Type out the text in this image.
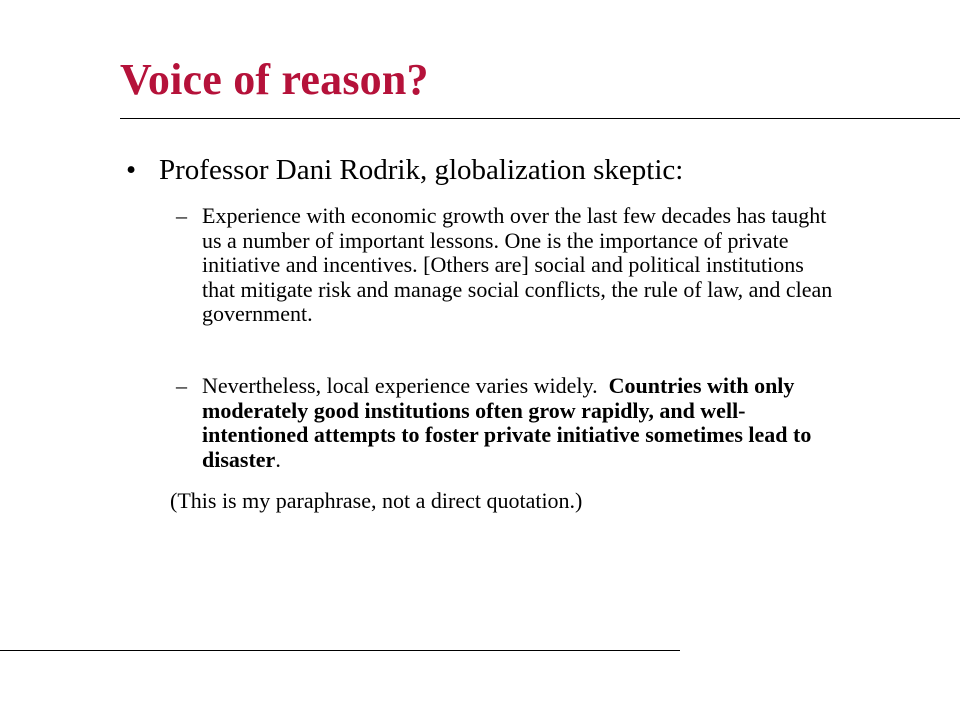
Voice of reason?
• Professor Dani Rodrik, globalization skeptic:
– Experience with economic growth over the last few decades has taught us a number of important lessons. One is the importance of private initiative and incentives. [Others are] social and political institutions that mitigate risk and manage social conflicts, the rule of law, and clean government.
– Nevertheless, local experience varies widely. Countries with only moderately good institutions often grow rapidly, and well-intentioned attempts to foster private initiative sometimes lead to disaster.
(This is my paraphrase, not a direct quotation.)
